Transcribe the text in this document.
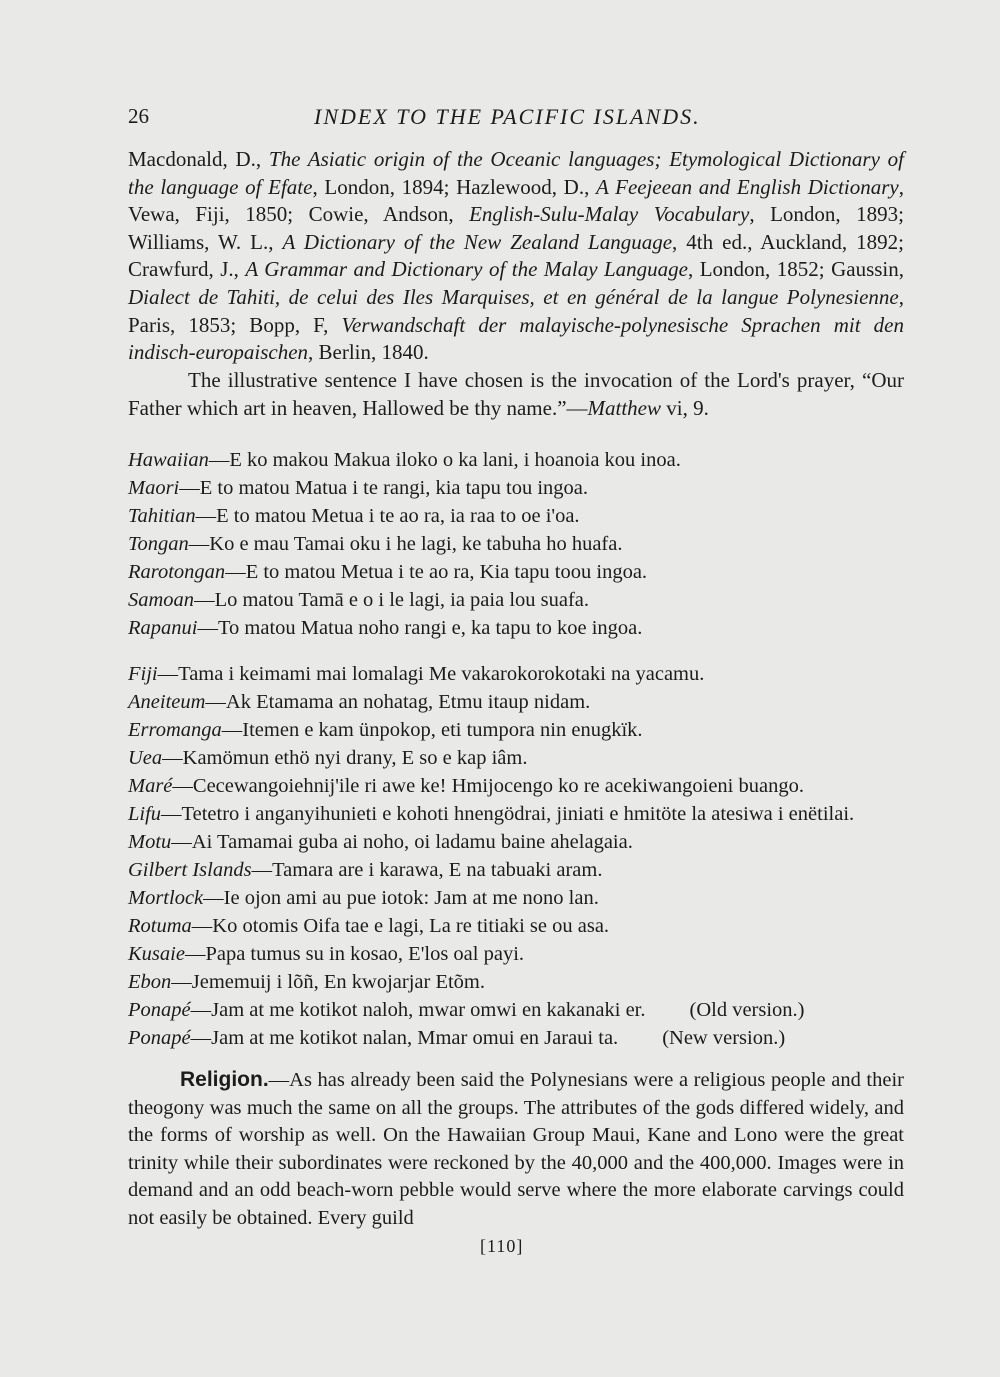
26	INDEX TO THE PACIFIC ISLANDS.
Macdonald, D., The Asiatic origin of the Oceanic languages; Etymological Dictionary of the language of Efate, London, 1894; Hazlewood, D., A Feejeean and English Dictionary, Vewa, Fiji, 1850; Cowie, Andson, English-Sulu-Malay Vocabulary, London, 1893; Williams, W. L., A Dictionary of the New Zealand Language, 4th ed., Auckland, 1892; Crawfurd, J., A Grammar and Dictionary of the Malay Language, London, 1852; Gaussin, Dialect de Tahiti, de celui des Iles Marquises, et en général de la langue Polynesienne, Paris, 1853; Bopp, F, Verwandschaft der malayische-polynesische Sprachen mit den indisch-europaischen, Berlin, 1840.
The illustrative sentence I have chosen is the invocation of the Lord's prayer, “Our Father which art in heaven, Hallowed be thy name.”—Matthew vi, 9.
Hawaiian—E ko makou Makua iloko o ka lani, i hoanoia kou inoa.
Maori—E to matou Matua i te rangi, kia tapu tou ingoa.
Tahitian—E to matou Metua i te ao ra, ia raa to oe i'oa.
Tongan—Ko e mau Tamai oku i he lagi, ke tabuha ho huafa.
Rarotongan—E to matou Metua i te ao ra, Kia tapu toou ingoa.
Samoan—Lo matou Tamā e o i le lagi, ia paia lou suafa.
Rapanui—To matou Matua noho rangi e, ka tapu to koe ingoa.
Fiji—Tama i keimami mai lomalagi Me vakarokorokotaki na yacamu.
Aneiteum—Ak Etamama an nohatag, Etmu itaup nidam.
Erromanga—Itemen e kam ünpokop, eti tumpora nin enugkïk.
Uea—Kamömun ethö nyi drany, E so e kap iâm.
Maré—Cecewangoiehnij'ile ri awe ke! Hmijocengo ko re acekiwangoieni buango.
Lifu—Tetetro i anganyihunieti e kohoti hnengödrai, jiniati e hmitöte la atesiwa i enëtilai.
Motu—Ai Tamamai guba ai noho, oi ladamu baine ahelagaia.
Gilbert Islands—Tamara are i karawa, E na tabuaki aram.
Mortlock—Ie ojon ami au pue iotok: Jam at me nono lan.
Rotuma—Ko otomis Oifa tae e lagi, La re titiaki se ou asa.
Kusaie—Papa tumus su in kosao, E'los oal payi.
Ebon—Jememuij i lõñ, En kwojarjar Etõm.
Ponapé—Jam at me kotikot naloh, mwar omwi en kakanaki er. (Old version.)
Ponapé—Jam at me kotikot nalan, Mmar omui en Jaraui ta. (New version.)
Religion.—As has already been said the Polynesians were a religious people and their theogony was much the same on all the groups. The attributes of the gods differed widely, and the forms of worship as well. On the Hawaiian Group Maui, Kane and Lono were the great trinity while their subordinates were reckoned by the 40,000 and the 400,000. Images were in demand and an odd beach-worn pebble would serve where the more elaborate carvings could not easily be obtained. Every guild
[110]
